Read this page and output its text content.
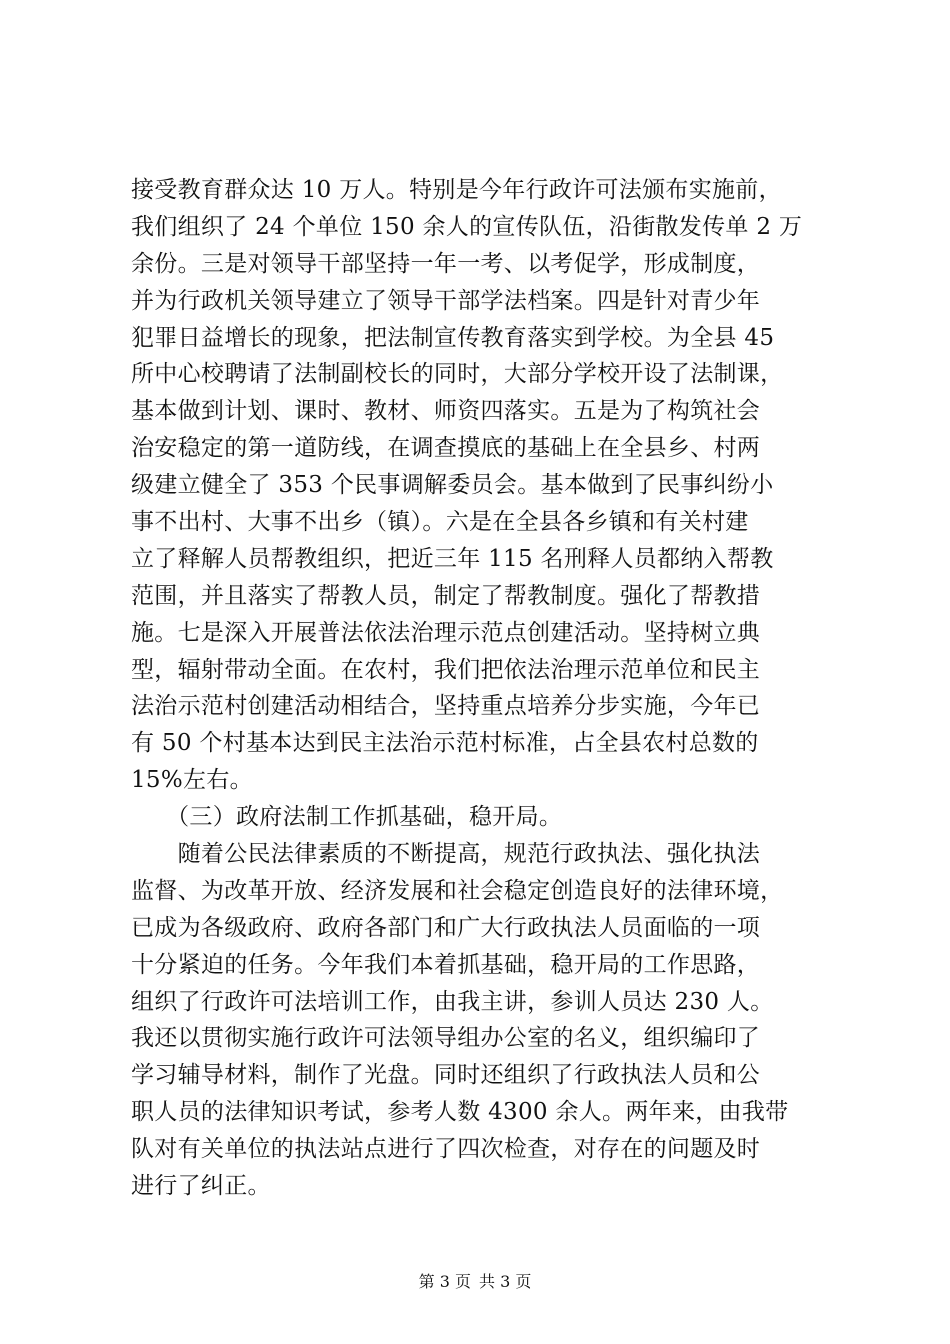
接受教育群众达 10 万人。特别是今年行政许可法颁布实施前，
我们组织了 24 个单位 150 余人的宣传队伍，沿街散发传单 2 万
余份。三是对领导干部坚持一年一考、以考促学，形成制度，
并为行政机关领导建立了领导干部学法档案。四是针对青少年
犯罪日益增长的现象，把法制宣传教育落实到学校。为全县 45
所中心校聘请了法制副校长的同时，大部分学校开设了法制课，
基本做到计划、课时、教材、师资四落实。五是为了构筑社会
治安稳定的第一道防线，在调查摸底的基础上在全县乡、村两
级建立健全了 353 个民事调解委员会。基本做到了民事纠纷小
事不出村、大事不出乡（镇）。六是在全县各乡镇和有关村建
立了释解人员帮教组织，把近三年 115 名刑释人员都纳入帮教
范围，并且落实了帮教人员，制定了帮教制度。强化了帮教措
施。七是深入开展普法依法治理示范点创建活动。坚持树立典
型，辐射带动全面。在农村，我们把依法治理示范单位和民主
法治示范村创建活动相结合，坚持重点培养分步实施，今年已
有 50 个村基本达到民主法治示范村标准，占全县农村总数的
15%左右。
　　（三）政府法制工作抓基础，稳开局。
　　随着公民法律素质的不断提高，规范行政执法、强化执法
监督、为改革开放、经济发展和社会稳定创造良好的法律环境，
已成为各级政府、政府各部门和广大行政执法人员面临的一项
十分紧迫的任务。今年我们本着抓基础，稳开局的工作思路，
组织了行政许可法培训工作，由我主讲，参训人员达 230 人。
我还以贯彻实施行政许可法领导组办公室的名义，组织编印了
学习辅导材料，制作了光盘。同时还组织了行政执法人员和公
职人员的法律知识考试，参考人数 4300 余人。两年来，由我带
队对有关单位的执法站点进行了四次检查，对存在的问题及时
进行了纠正。
第 3 页 共 3 页
